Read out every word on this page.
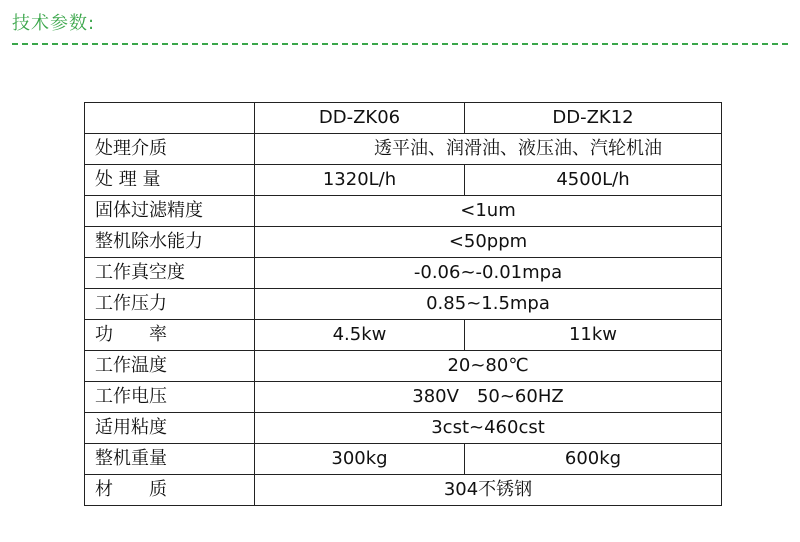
技术参数:
	DD-ZK06	DD-ZK12
处理介质	透平油、润滑油、液压油、汽轮机油	
处 理 量	1320L/h	4500L/h
固体过滤精度	<1um	
整机除水能力	<50ppm	
工作真空度	-0.06~-0.01mpa	
工作压力	0.85~1.5mpa	
功　　率	4.5kw	11kw
工作温度	20~80℃	
工作电压	380V　50~60HZ	
适用粘度	3cst~460cst	
整机重量	300kg	600kg
材　　质	304不锈钢	
